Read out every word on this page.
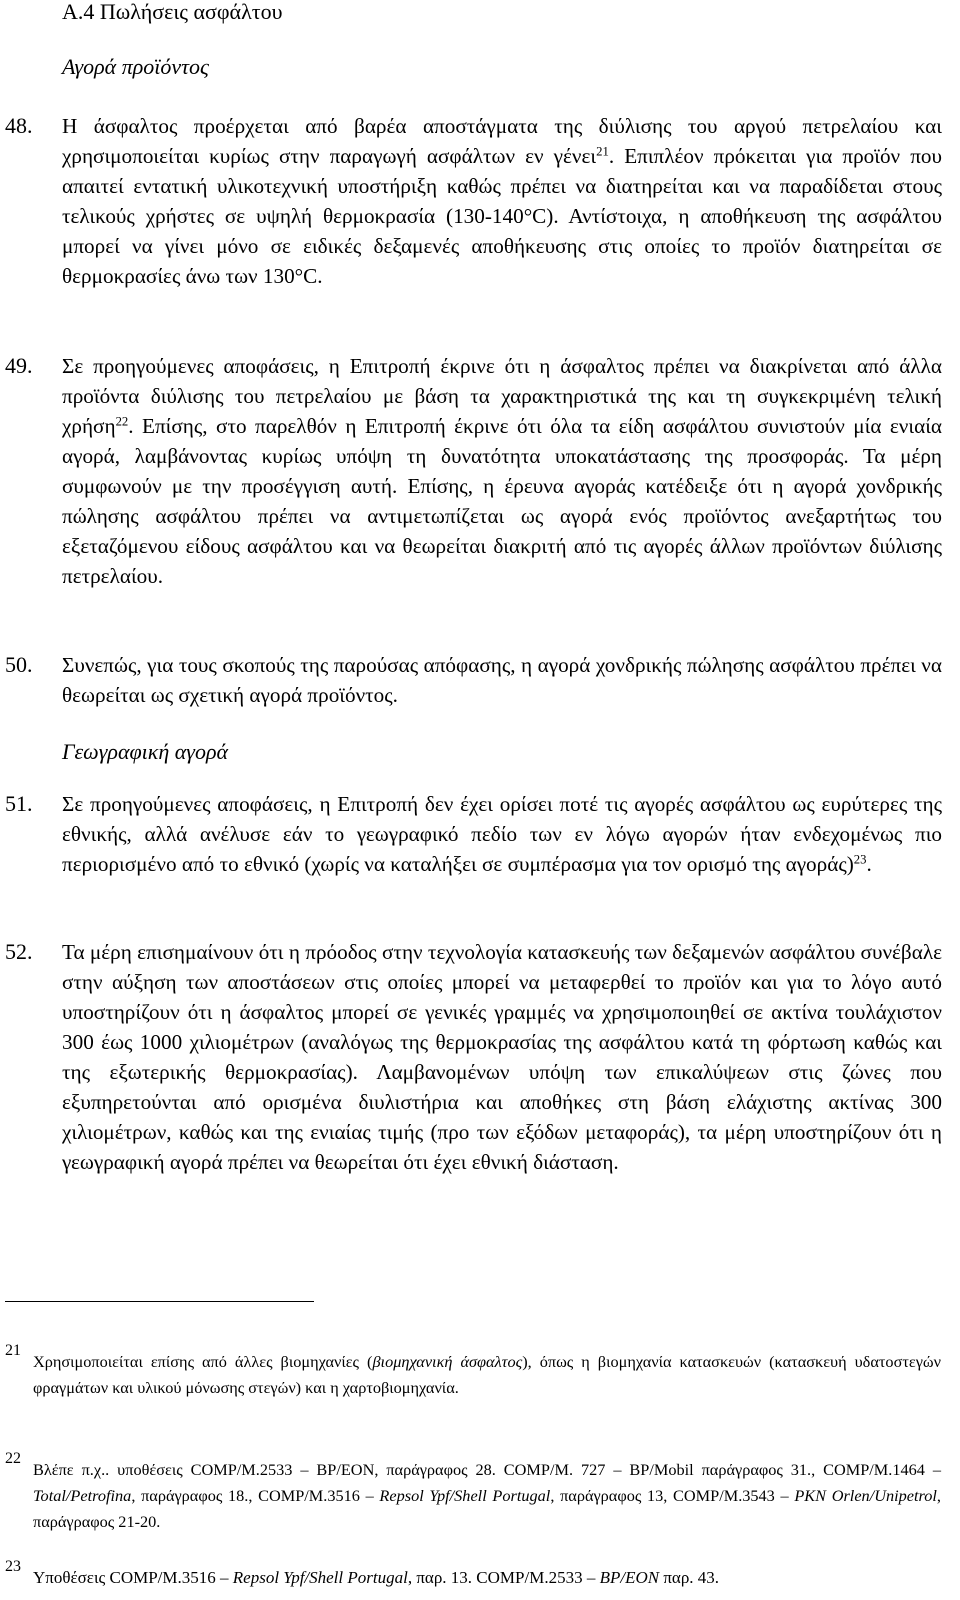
Α.4 Πωλήσεις ασφάλτου
Αγορά προϊόντος
48. Η άσφαλτος προέρχεται από βαρέα αποστάγματα της διύλισης του αργού πετρελαίου και χρησιμοποιείται κυρίως στην παραγωγή ασφάλτων εν γένει$^{21}$. Επιπλέον πρόκειται για προϊόν που απαιτεί εντατική υλικοτεχνική υποστήριξη καθώς πρέπει να διατηρείται και να παραδίδεται στους τελικούς χρήστες σε υψηλή θερμοκρασία (130-140°C). Αντίστοιχα, η αποθήκευση της ασφάλτου μπορεί να γίνει μόνο σε ειδικές δεξαμενές αποθήκευσης στις οποίες το προϊόν διατηρείται σε θερμοκρασίες άνω των 130°C.
49. Σε προηγούμενες αποφάσεις, η Επιτροπή έκρινε ότι η άσφαλτος πρέπει να διακρίνεται από άλλα προϊόντα διύλισης του πετρελαίου με βάση τα χαρακτηριστικά της και τη συγκεκριμένη τελική χρήση$^{22}$. Επίσης, στο παρελθόν η Επιτροπή έκρινε ότι όλα τα είδη ασφάλτου συνιστούν μία ενιαία αγορά, λαμβάνοντας κυρίως υπόψη τη δυνατότητα υποκατάστασης της προσφοράς. Τα μέρη συμφωνούν με την προσέγγιση αυτή. Επίσης, η έρευνα αγοράς κατέδειξε ότι η αγορά χονδρικής πώλησης ασφάλτου πρέπει να αντιμετωπίζεται ως αγορά ενός προϊόντος ανεξαρτήτως του εξεταζόμενου είδους ασφάλτου και να θεωρείται διακριτή από τις αγορές άλλων προϊόντων διύλισης πετρελαίου.
50. Συνεπώς, για τους σκοπούς της παρούσας απόφασης, η αγορά χονδρικής πώλησης ασφάλτου πρέπει να θεωρείται ως σχετική αγορά προϊόντος.
Γεωγραφική αγορά
51. Σε προηγούμενες αποφάσεις, η Επιτροπή δεν έχει ορίσει ποτέ τις αγορές ασφάλτου ως ευρύτερες της εθνικής, αλλά ανέλυσε εάν το γεωγραφικό πεδίο των εν λόγω αγορών ήταν ενδεχομένως πιο περιορισμένο από το εθνικό (χωρίς να καταλήξει σε συμπέρασμα για τον ορισμό της αγοράς)$^{23}$.
52. Τα μέρη επισημαίνουν ότι η πρόοδος στην τεχνολογία κατασκευής των δεξαμενών ασφάλτου συνέβαλε στην αύξηση των αποστάσεων στις οποίες μπορεί να μεταφερθεί το προϊόν και για το λόγο αυτό υποστηρίζουν ότι η άσφαλτος μπορεί σε γενικές γραμμές να χρησιμοποιηθεί σε ακτίνα τουλάχιστον 300 έως 1000 χιλιομέτρων (αναλόγως της θερμοκρασίας της ασφάλτου κατά τη φόρτωση καθώς και της εξωτερικής θερμοκρασίας). Λαμβανομένων υπόψη των επικαλύψεων στις ζώνες που εξυπηρετούνται από ορισμένα διυλιστήρια και αποθήκες στη βάση ελάχιστης ακτίνας 300 χιλιομέτρων, καθώς και της ενιαίας τιμής (προ των εξόδων μεταφοράς), τα μέρη υποστηρίζουν ότι η γεωγραφική αγορά πρέπει να θεωρείται ότι έχει εθνική διάσταση.
21
Χρησιμοποιείται επίσης από άλλες βιομηχανίες (βιομηχανική άσφαλτος), όπως η βιομηχανία κατασκευών (κατασκευή υδατοστεγών φραγμάτων και υλικού μόνωσης στεγών) και η χαρτοβιομηχανία.
22
Βλέπε π.χ.. υποθέσεις COMP/M.2533 – BP/EON, παράγραφος 28. COMP/M. 727 – BP/Mobil παράγραφος 31., COMP/M.1464 – Total/Petrofina, παράγραφος 18., COMP/M.3516 – Repsol Ypf/Shell Portugal, παράγραφος 13, COMP/M.3543 – PKN Orlen/Unipetrol, παράγραφος 21-20.
23
Υποθέσεις COMP/M.3516 – Repsol Ypf/Shell Portugal, παρ. 13. COMP/M.2533 – BP/EON παρ. 43.
